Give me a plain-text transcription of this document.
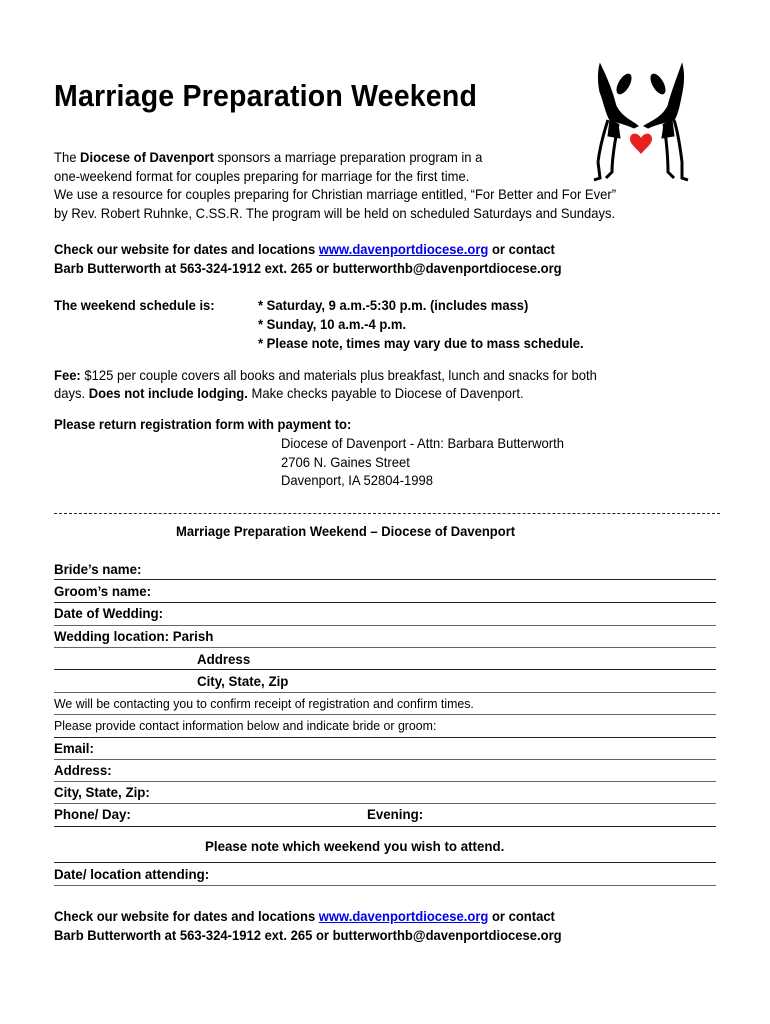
Marriage Preparation Weekend
The Diocese of Davenport sponsors a marriage preparation program in a
one-weekend format for couples preparing for marriage for the first time.
We use a resource for couples preparing for Christian marriage entitled, “For Better and For Ever”
by Rev. Robert Ruhnke, C.SS.R. The program will be held on scheduled Saturdays and Sundays.
Check our website for dates and locations www.davenportdiocese.org or contact
Barb Butterworth at 563-324-1912 ext. 265 or butterworthb@davenportdiocese.org
The weekend schedule is:	* Saturday, 9 a.m.-5:30 p.m. (includes mass)
* Sunday, 10 a.m.-4 p.m.
* Please note, times may vary due to mass schedule.
Fee: $125 per couple covers all books and materials plus breakfast, lunch and snacks for both
days. Does not include lodging. Make checks payable to Diocese of Davenport.
Please return registration form with payment to:
Diocese of Davenport - Attn: Barbara Butterworth
2706 N. Gaines Street
Davenport, IA 52804-1998
Marriage Preparation Weekend – Diocese of Davenport
Bride’s name:
Groom’s name:
Date of Wedding:
Wedding location: Parish
Address
City, State, Zip
We will be contacting you to confirm receipt of registration and confirm times.
Please provide contact information below and indicate bride or groom:
Email:
Address:
City, State, Zip:
Phone/ Day:	Evening:
Please note which weekend you wish to attend.
Date/ location attending:
Check our website for dates and locations www.davenportdiocese.org or contact
Barb Butterworth at 563-324-1912 ext. 265 or butterworthb@davenportdiocese.org
